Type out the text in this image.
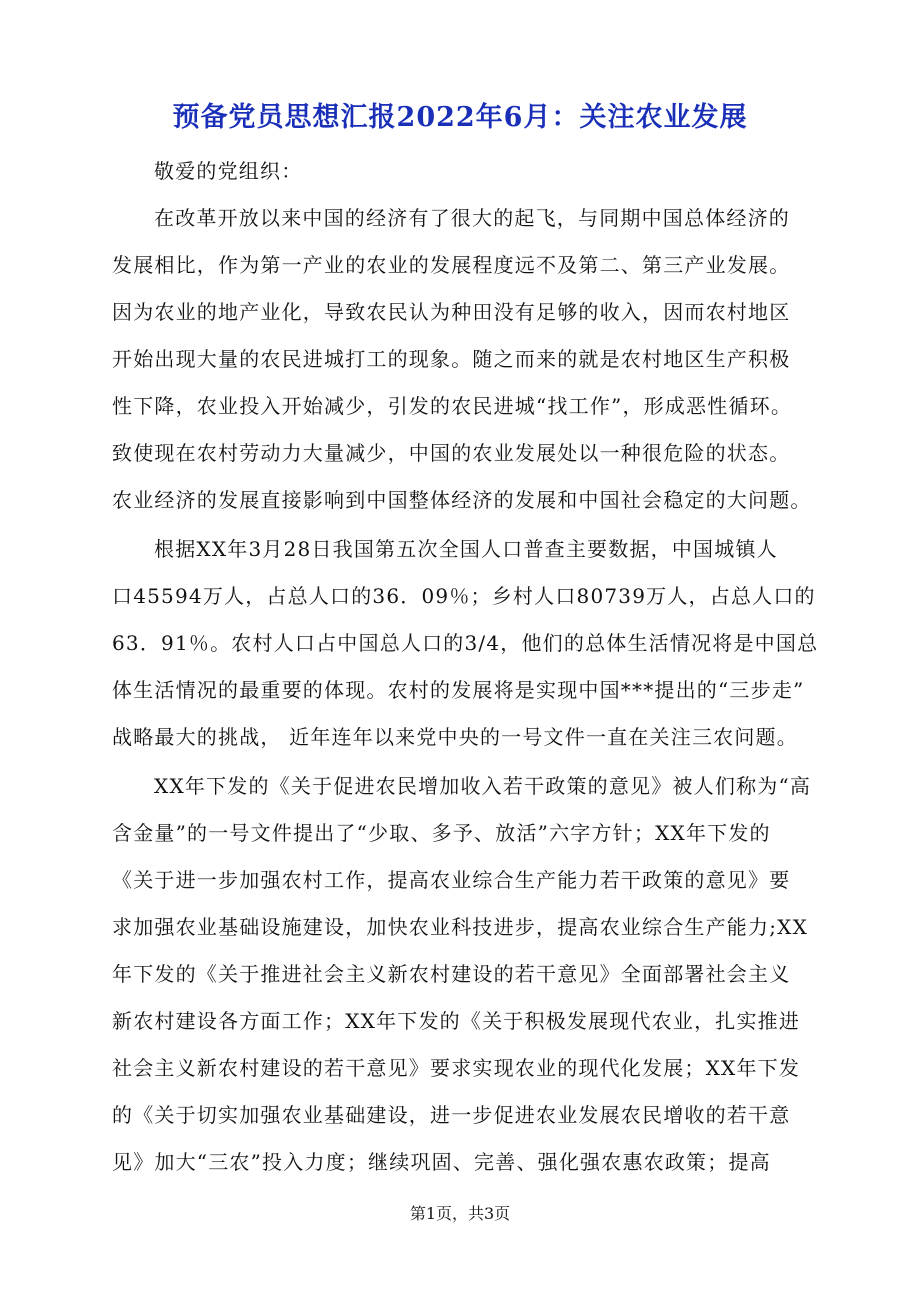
预备党员思想汇报2022年6月：关注农业发展
敬爱的党组织：
在改革开放以来中国的经济有了很大的起飞，与同期中国总体经济的
发展相比，作为第一产业的农业的发展程度远不及第二、第三产业发展。
因为农业的地产业化，导致农民认为种田没有足够的收入，因而农村地区
开始出现大量的农民进城打工的现象。随之而来的就是农村地区生产积极
性下降，农业投入开始减少，引发的农民进城“找工作”，形成恶性循环。
致使现在农村劳动力大量减少，中国的农业发展处以一种很危险的状态。
农业经济的发展直接影响到中国整体经济的发展和中国社会稳定的大问题。
根据XX年3月28日我国第五次全国人口普查主要数据，中国城镇人
口45594万人，占总人口的36．09％；乡村人口80739万人，占总人口的
63．91％。农村人口占中国总人口的3/4，他们的总体生活情况将是中国总
体生活情况的最重要的体现。农村的发展将是实现中国***提出的“三步走”
战略最大的挑战， 近年连年以来党中央的一号文件一直在关注三农问题。
XX年下发的《关于促进农民增加收入若干政策的意见》被人们称为“高
含金量”的一号文件提出了“少取、多予、放活”六字方针；XX年下发的
《关于进一步加强农村工作，提高农业综合生产能力若干政策的意见》要
求加强农业基础设施建设，加快农业科技进步，提高农业综合生产能力;XX
年下发的《关于推进社会主义新农村建设的若干意见》全面部署社会主义
新农村建设各方面工作；XX年下发的《关于积极发展现代农业，扎实推进
社会主义新农村建设的若干意见》要求实现农业的现代化发展；XX年下发
的《关于切实加强农业基础建设，进一步促进农业发展农民增收的若干意
见》加大“三农”投入力度；继续巩固、完善、强化强农惠农政策；提高
第1页，共3页
